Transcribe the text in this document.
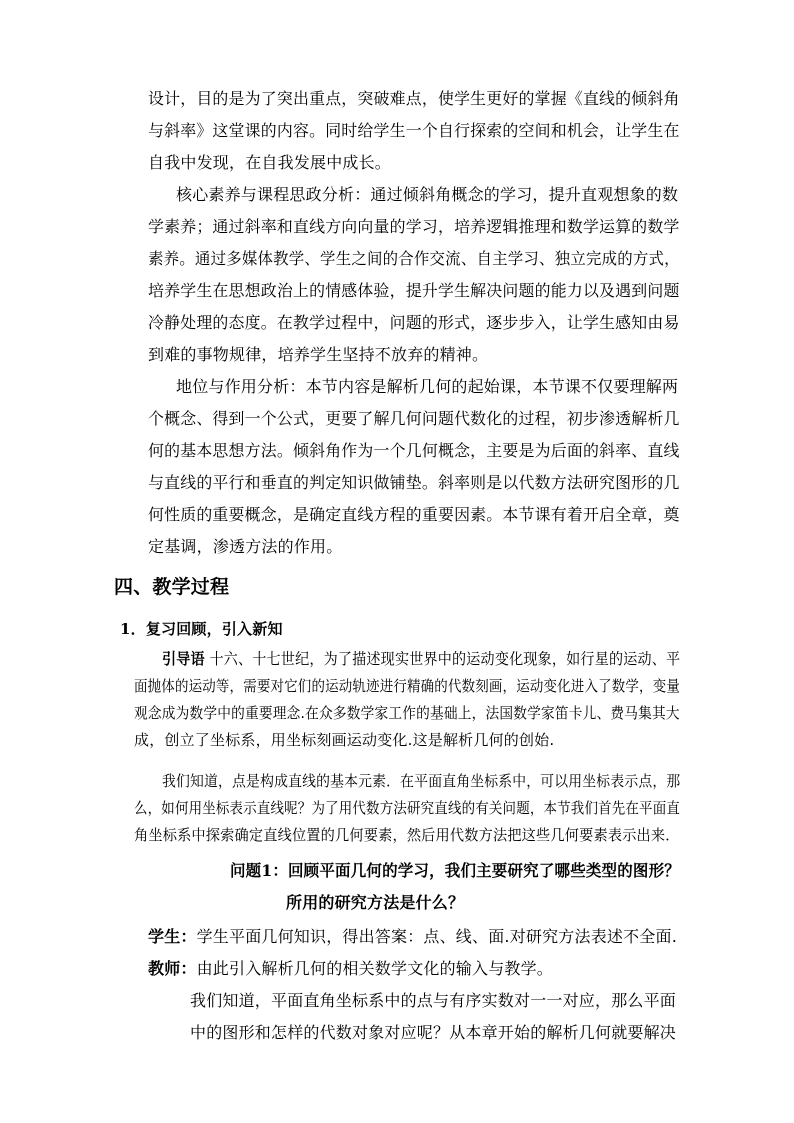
设计，目的是为了突出重点，突破难点，使学生更好的掌握《直线的倾斜角
与斜率》这堂课的内容。同时给学生一个自行探索的空间和机会，让学生在
自我中发现，在自我发展中成长。
核心素养与课程思政分析：通过倾斜角概念的学习，提升直观想象的数
学素养；通过斜率和直线方向向量的学习，培养逻辑推理和数学运算的数学
素养。通过多媒体教学、学生之间的合作交流、自主学习、独立完成的方式，
培养学生在思想政治上的情感体验，提升学生解决问题的能力以及遇到问题
冷静处理的态度。在教学过程中，问题的形式，逐步步入，让学生感知由易
到难的事物规律，培养学生坚持不放弃的精神。
地位与作用分析：本节内容是解析几何的起始课，本节课不仅要理解两
个概念、得到一个公式，更要了解几何问题代数化的过程，初步渗透解析几
何的基本思想方法。倾斜角作为一个几何概念，主要是为后面的斜率、直线
与直线的平行和垂直的判定知识做铺垫。斜率则是以代数方法研究图形的几
何性质的重要概念，是确定直线方程的重要因素。本节课有着开启全章，奠
定基调，渗透方法的作用。
四、教学过程
1．复习回顾，引入新知
引导语 十六、十七世纪，为了描述现实世界中的运动变化现象，如行星的运动、平
面抛体的运动等，需要对它们的运动轨迹进行精确的代数刻画，运动变化进入了数学，变量
观念成为数学中的重要理念.在众多数学家工作的基础上，法国数学家笛卡儿、费马集其大
成，创立了坐标系，用坐标刻画运动变化.这是解析几何的创始.
我们知道，点是构成直线的基本元素．在平面直角坐标系中，可以用坐标表示点，那
么，如何用坐标表示直线呢？为了用代数方法研究直线的有关问题，本节我们首先在平面直
角坐标系中探索确定直线位置的几何要素，然后用代数方法把这些几何要素表示出来．
问题1：回顾平面几何的学习，我们主要研究了哪些类型的图形？
所用的研究方法是什么？
学生：学生平面几何知识，得出答案：点、线、面.对研究方法表述不全面.
教师：由此引入解析几何的相关数学文化的输入与教学。
我们知道，平面直角坐标系中的点与有序实数对一一对应，那么平面
中的图形和怎样的代数对象对应呢？从本章开始的解析几何就要解决
